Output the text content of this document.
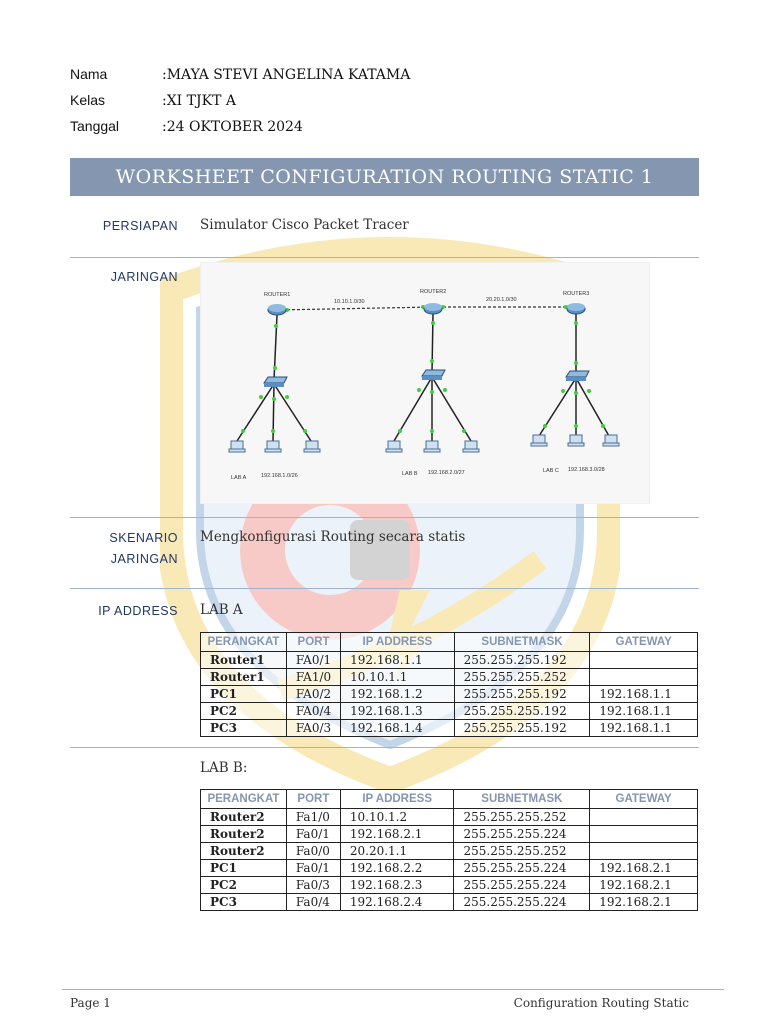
Nama	:MAYA STEVI ANGELINA KATAMA
Kelas	:XI TJKT A
Tanggal	:24 OKTOBER 2024
WORKSHEET CONFIGURATION ROUTING STATIC 1
PERSIAPAN Simulator Cisco Packet Tracer
JARINGAN
ROUTER1	ROUTER2	ROUTER3
10.10.1.0/30	20.20.1.0/30
LAB A	192.168.1.0/26	LAB B 192.168.2.0/27	LAB C 192.168.3.0/28
SKENARIO
JARINGAN
Mengkonfigurasi Routing secara statis
IP ADDRESS LAB A
PERANGKAT	PORT	IP ADDRESS	SUBNETMASK	GATEWAY
Router1	FA0/1	192.168.1.1	255.255.255.192	
Router1	FA1/0	10.10.1.1	255.255.255.252	
PC1	FA0/2	192.168.1.2	255.255.255.192	192.168.1.1
PC2	FA0/4	192.168.1.3	255.255.255.192	192.168.1.1
PC3	FA0/3	192.168.1.4	255.255.255.192	192.168.1.1
LAB B:
PERANGKAT	PORT	IP ADDRESS	SUBNETMASK	GATEWAY
Router2	Fa1/0	10.10.1.2	255.255.255.252	
Router2	Fa0/1	192.168.2.1	255.255.255.224	
Router2	Fa0/0	20.20.1.1	255.255.255.252	
PC1	Fa0/1	192.168.2.2	255.255.255.224	192.168.2.1
PC2	Fa0/3	192.168.2.3	255.255.255.224	192.168.2.1
PC3	Fa0/4	192.168.2.4	255.255.255.224	192.168.2.1
Page 1	Configuration Routing Static
